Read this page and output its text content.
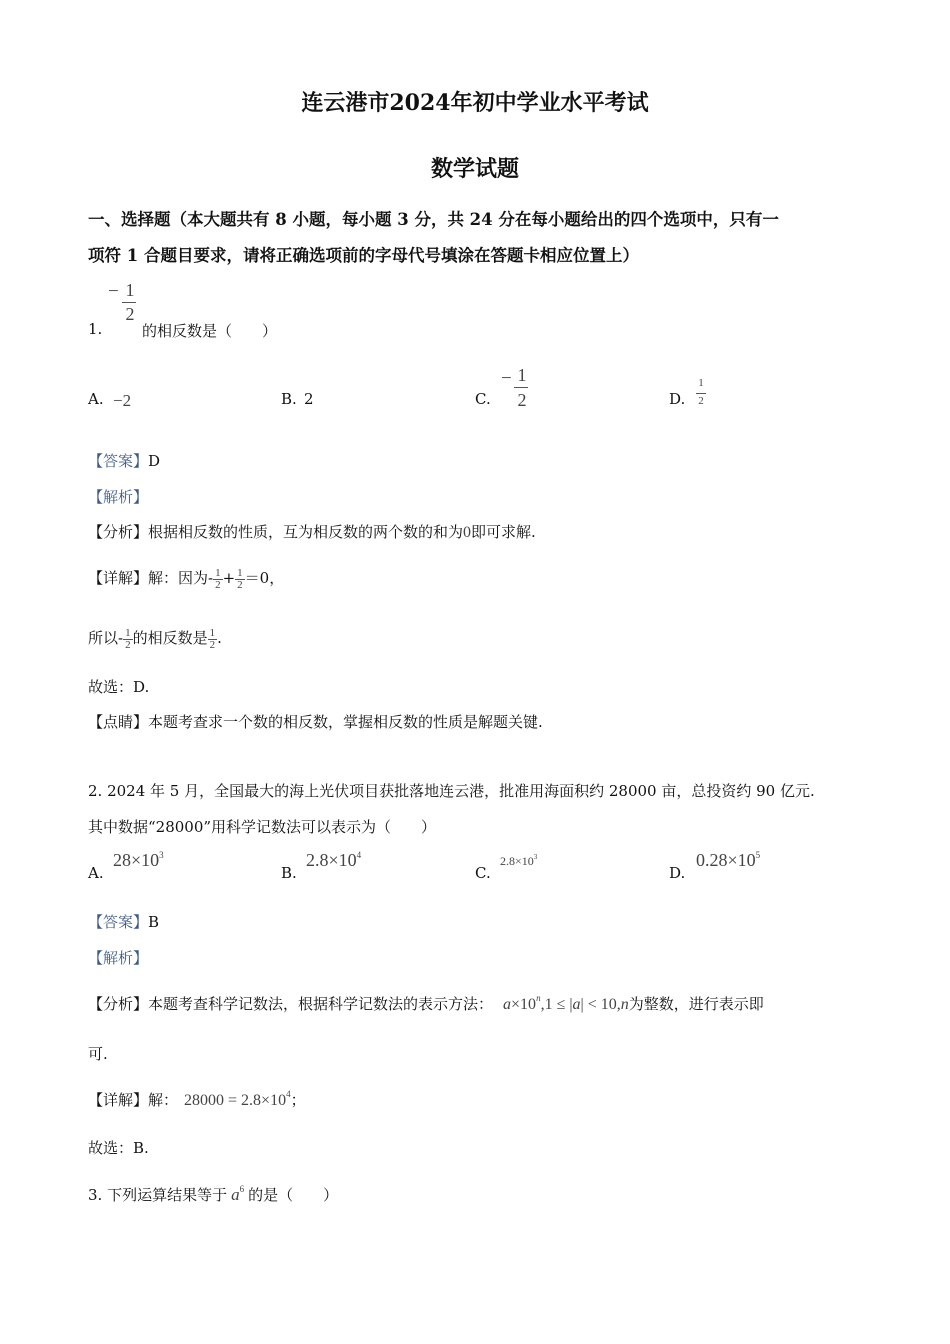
连云港市2024年初中学业水平考试
数学试题
一、选择题（本大题共有 8 小题，每小题 3 分，共 24 分在每小题给出的四个选项中，只有一
项符 1 合题目要求，请将正确选项前的字母代号填涂在答题卡相应位置上）
1.
− 1
2
的相反数是（　　）
A. −2	B. 2	C.
− 1
2	D.
1
2
【答案】D
【解析】
【分析】根据相反数的性质，互为相反数的两个数的和为0即可求解.
【详解】解：因为- $\frac{1}{2} + \frac{1}{2} =0$，
所以- $\frac{1}{2}$ 的相反数是 $\frac{1}{2}$ .
故选：D.
【点睛】本题考查求一个数的相反数，掌握相反数的性质是解题关键.
2. 2024 年 5 月，全国最大的海上光伏项目获批落地连云港，批准用海面积约 28000 亩，总投资约 90 亿元.
其中数据“28000”用科学记数法可以表示为（　　）
A.
$28\times 10^3$
B.
$2.8\times 10^4$
C.
$2.8\times 10^3$
D.
$0.28\times 10^5$
【答案】B
【解析】
【分析】本题考查科学记数法，根据科学记数法的表示方法： $a\times 10^n,1 \le |a| < 10,n$为整数，进行表示即
可.
【详解】解： $28000 = 2.8\times 10^4$；
故选：B.
3. 下列运算结果等于 $a^6$ 的是（　　）
